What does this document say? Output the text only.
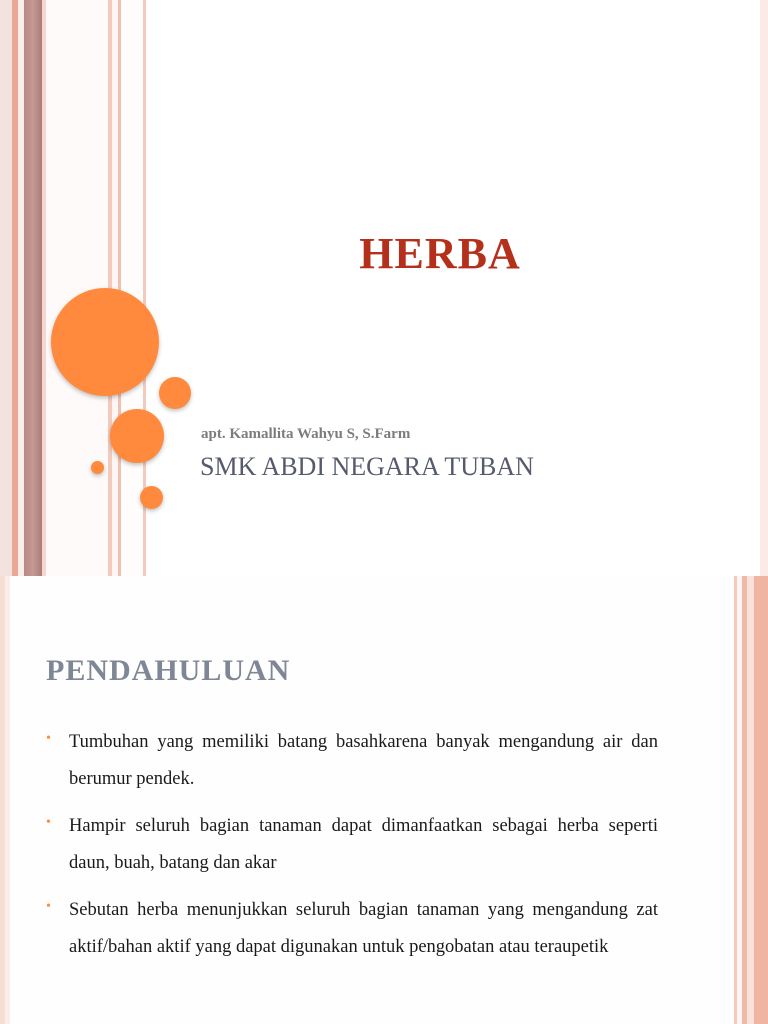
HERBA

apt. Kamallita Wahyu S, S.Farm

SMK ABDI NEGARA TUBAN

PENDAHULUAN
• Tumbuhan yang memiliki batang basahkarena banyak mengandung air dan berumur pendek.
• Hampir seluruh bagian tanaman dapat dimanfaatkan sebagai herba seperti daun, buah, batang dan akar
• Sebutan herba menunjukkan seluruh bagian tanaman yang mengandung zat aktif/bahan aktif yang dapat digunakan untuk pengobatan atau teraupetik
